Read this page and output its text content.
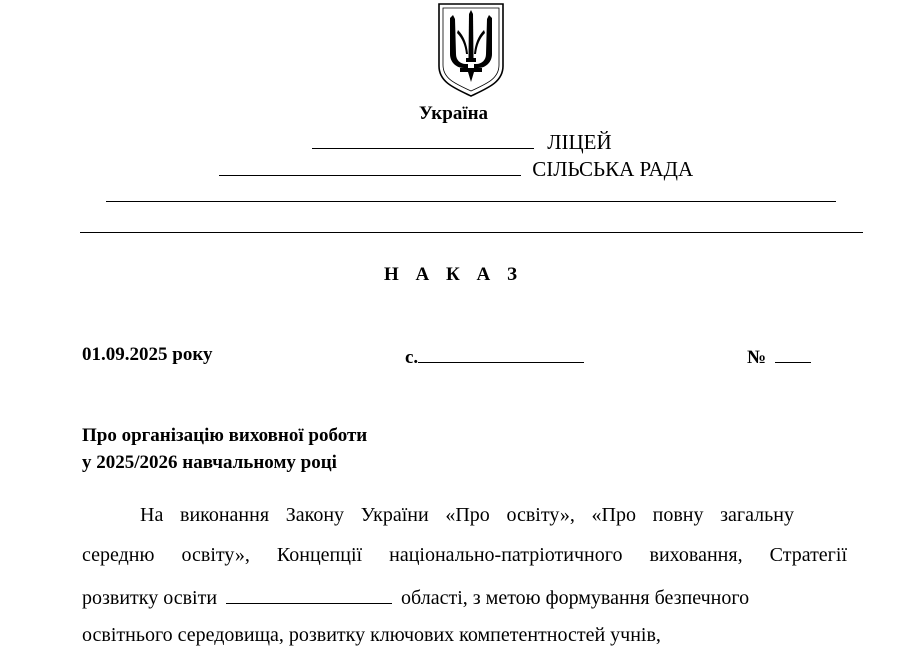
Україна
ЛІЦЕЙ
СІЛЬСЬКА РАДА
Н А К А З
01.09.2025 року	с.	№
Про організацію виховної роботи
у 2025/2026 навчальному році
На виконання Закону України «Про освіту», «Про повну загальну
середню освіту», Концепції національно-патріотичного виховання, Стратегії
розвитку освіти	області, з метою формування безпечного
освітнього середовища, розвитку ключових компетентностей учнів,
